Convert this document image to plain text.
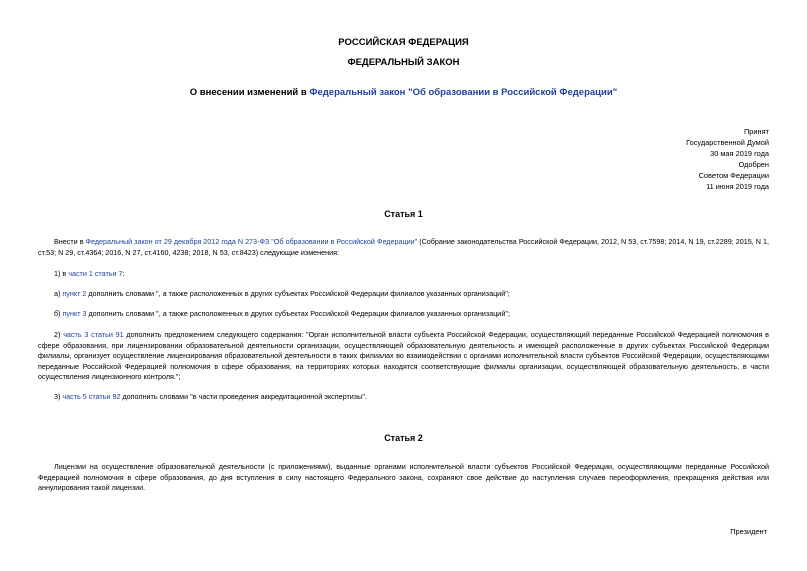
РОССИЙСКАЯ ФЕДЕРАЦИЯ
ФЕДЕРАЛЬНЫЙ ЗАКОН
О внесении изменений в Федеральный закон "Об образовании в Российской Федерации"
Принят
Государственной Думой
30 мая 2019 года
Одобрен
Советом Федерации
11 июня 2019 года
Статья 1
Внести в Федеральный закон от 29 декабря 2012 года N 273-ФЗ "Об образовании в Российской Федерации" (Собрание законодательства Российской Федерации, 2012, N 53, ст.7598; 2014, N 19, ст.2289; 2015, N 1, ст.53; N 29, ст.4364; 2016, N 27, ст.4160, 4238; 2018, N 53, ст.8423) следующие изменения:
1) в части 1 статьи 7:
а) пункт 2 дополнить словами ", а также расположенных в других субъектах Российской Федерации филиалов указанных организаций";
б) пункт 3 дополнить словами ", а также расположенных в других субъектах Российской Федерации филиалов указанных организаций";
2) часть 3 статьи 91 дополнить предложением следующего содержания: "Орган исполнительной власти субъекта Российской Федерации, осуществляющий переданные Российской Федерацией полномочия в сфере образования, при лицензировании образовательной деятельности организации, осуществляющей образовательную деятельность и имеющей расположенные в других субъектах Российской Федерации филиалы, организует осуществление лицензирования образовательной деятельности в таких филиалах во взаимодействии с органами исполнительной власти субъектов Российской Федерации, осуществляющими переданные Российской Федерацией полномочия в сфере образования, на территориях которых находятся соответствующие филиалы организации, осуществляющей образовательную деятельность, в части осуществления лицензионного контроля.";
3) часть 5 статьи 92 дополнить словами "в части проведения аккредитационной экспертизы".
Статья 2
Лицензии на осуществление образовательной деятельности (с приложениями), выданные органами исполнительной власти субъектов Российской Федерации, осуществляющими переданные Российской Федерацией полномочия в сфере образования, до дня вступления в силу настоящего Федерального закона, сохраняют свое действие до наступления случаев переоформления, прекращения действия или аннулирования такой лицензии.
Президент
